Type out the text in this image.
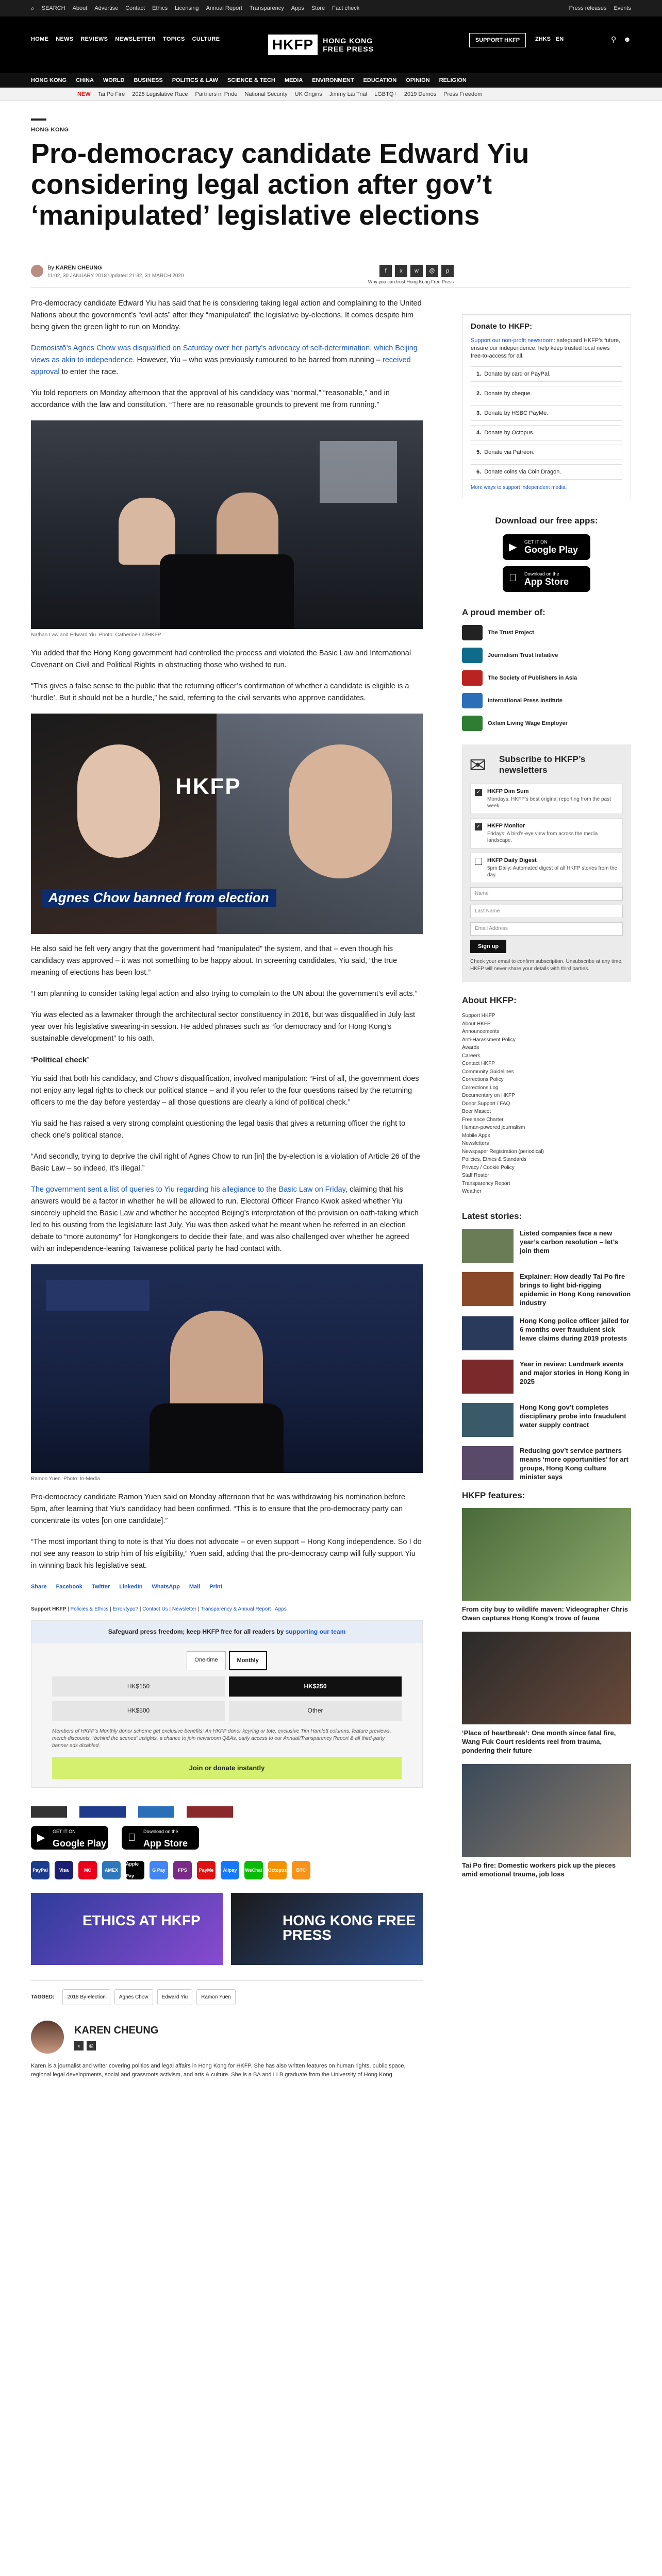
⌕ SEARCH About Advertise Contact Ethics Licensing Annual Report Transparency Apps Store Fact check	Press releases Events
HOME NEWS REVIEWS NEWSLETTER TOPICS CULTURE	HKFP	HONG KONG FREE PRESS
SUPPORT HKFP	ZHKS EN	⚲ ☻
HONG KONG CHINA WORLD BUSINESS POLITICS & LAW SCIENCE & TECH MEDIA ENVIRONMENT EDUCATION OPINION RELIGION
NEW Tai Po Fire 2025 Legislative Race Partners in Pride National Security UK Origins Jimmy Lai Trial LGBTQ+ 2019 Demos Press Freedom
HONG KONG
Pro-democracy candidate Edward Yiu considering legal action after gov’t ‘manipulated’ legislative elections
By KAREN CHEUNG
11:02, 30 JANUARY 2018 Updated 21:32, 31 MARCH 2020
f	x	w	@	p
Why you can trust Hong Kong Free Press

Pro-democracy candidate Edward Yiu has said that he is considering taking legal action and complaining to the United Nations about the government’s “evil acts” after they “manipulated” the legislative by-elections. It comes despite him being given the green light to run on Monday.

Demosistō’s Agnes Chow was disqualified on Saturday over her party’s advocacy of self-determination, which Beijing views as akin to independence. However, Yiu – who was previously rumoured to be barred from running – received approval to enter the race.

Yiu told reporters on Monday afternoon that the approval of his candidacy was “normal,” “reasonable,” and in accordance with the law and constitution. “There are no reasonable grounds to prevent me from running.”

Nathan Law and Edward Yiu. Photo: Catherine Lai/HKFP.

Yiu added that the Hong Kong government had controlled the process and violated the Basic Law and International Covenant on Civil and Political Rights in obstructing those who wished to run.

“This gives a false sense to the public that the returning officer’s confirmation of whether a candidate is eligible is a ‘hurdle’. But it should not be a hurdle,” he said, referring to the civil servants who approve candidates.

HKFP
Agnes Chow banned from election

He also said he felt very angry that the government had “manipulated” the system, and that – even though his candidacy was approved – it was not something to be happy about. In screening candidates, Yiu said, “the true meaning of elections has been lost.”

“I am planning to consider taking legal action and also trying to complain to the UN about the government’s evil acts.”

Yiu was elected as a lawmaker through the architectural sector constituency in 2016, but was disqualified in July last year over his legislative swearing-in session. He added phrases such as “for democracy and for Hong Kong’s sustainable development” to his oath.

‘Political check’

Yiu said that both his candidacy, and Chow’s disqualification, involved manipulation: “First of all, the government does not enjoy any legal rights to check our political stance – and if you refer to the four questions raised by the returning officers to me the day before yesterday – all those questions are clearly a kind of political check.”

Yiu said he has raised a very strong complaint questioning the legal basis that gives a returning officer the right to check one’s political stance.

“And secondly, trying to deprive the civil right of Agnes Chow to run [in] the by-election is a violation of Article 26 of the Basic Law – so indeed, it’s illegal.”

The government sent a list of queries to Yiu regarding his allegiance to the Basic Law on Friday, claiming that his answers would be a factor in whether he will be allowed to run. Electoral Officer Franco Kwok asked whether Yiu sincerely upheld the Basic Law and whether he accepted Beijing’s interpretation of the provision on oath-taking which led to his ousting from the legislature last July. Yiu was then asked what he meant when he referred in an election debate to “more autonomy” for Hongkongers to decide their fate, and was also challenged over whether he agreed with an independence-leaning Taiwanese political party he had contact with.

Ramon Yuen. Photo: In-Media.

Pro-democracy candidate Ramon Yuen said on Monday afternoon that he was withdrawing his nomination before 5pm, after learning that Yiu’s candidacy had been confirmed. “This is to ensure that the pro-democracy party can concentrate its votes [on one candidate].”

“The most important thing to note is that Yiu does not advocate – or even support – Hong Kong independence. So I do not see any reason to strip him of his eligibility,” Yuen said, adding that the pro-democracy camp will fully support Yiu in winning back his legislative seat.

Share Facebook Twitter LinkedIn WhatsApp Mail Print
Support HKFP | Policies & Ethics | Error/typo? | Contact Us | Newsletter | Transparency & Annual Report | Apps
Safeguard press freedom; keep HKFP free for all readers by supporting our team
One-time	Monthly
HK$150	HK$250
HK$500	Other
Members of HKFP’s Monthly donor scheme get exclusive benefits: An HKFP donor keyring or tote, exclusive Tim Hamlett columns, feature previews, merch discounts, “behind the scenes” insights, a chance to join newsroom Q&As, early access to our Annual/Transparency Report & all third-party banner ads disabled.
Join or donate instantly
▶
GET IT ON
Google Play
Download on the
App Store
PayPal	Visa	MC	AMEX
Apple Pay
G Pay	FPS	PayMe	Alipay	WeChat Octopus	BTC
ETHICS AT HKFP	HONG KONG FREE PRESS
TAGGED:	2018 By-election	Agnes Chow	Edward Yiu	Ramon Yuen
KAREN CHEUNG
x	@
Karen is a journalist and writer covering politics and legal affairs in Hong Kong for HKFP. She has also written features on human rights, public space, regional legal developments, social and grassroots activism, and arts & culture. She is a BA and LLB graduate from the University of Hong Kong.
Donate to HKFP:

Support our non-profit newsroom: safeguard HKFP’s future, ensure our independence, help keep trusted local news free-to-access for all.

1. Donate by card or PayPal.
2. Donate by cheque.
3. Donate by HSBC PayMe.
4. Donate by Octopus.
5. Donate via Patreon.
6. Donate coins via Coin Dragon.
More ways to support independent media.
Download our free apps:
▶ GET IT ON
Google Play
Download on the
App Store
A proud member of:
The Trust Project
Journalism Trust Initiative
The Society of Publishers in Asia
International Press Institute
Oxfam Living Wage Employer
✉ Subscribe to HKFP’s newsletters
✓ HKFP Dim Sum
Mondays: HKFP’s best original reporting from the past week.
✓ HKFP Monitor
Fridays: A bird’s-eye view from across the media landscape.
HKFP Daily Digest
5pm Daily: Automated digest of all HKFP stories from the day.
Name
Last Name
Email Address
Sign up
Check your email to confirm subscription. Unsubscribe at any time. HKFP will never share your details with third parties.
About HKFP:
Support HKFP
About HKFP
Announcements
Anti-Harassment Policy
Awards
Careers
Contact HKFP
Community Guidelines
Corrections Policy
Corrections Log
Documentary on HKFP
Donor Support / FAQ
Beer Mascot
Freelance Charter
Human-powered journalism
Mobile Apps
Newsletters
Newspaper Registration (periodical)
Policies, Ethics & Standards
Privacy / Cookie Policy
Staff Roster
Transparency Report
Weather
Latest stories:
Listed companies face a new year’s carbon resolution – let’s join them
Explainer: How deadly Tai Po fire brings to light bid-rigging epidemic in Hong Kong renovation industry
Hong Kong police officer jailed for 6 months over fraudulent sick leave claims during 2019 protests
Year in review: Landmark events and major stories in Hong Kong in 2025
Hong Kong gov’t completes disciplinary probe into fraudulent water supply contract
Reducing gov’t service partners means ‘more opportunities’ for art groups, Hong Kong culture minister says
HKFP features:
From city buy to wildlife maven: Videographer Chris Owen captures Hong Kong’s trove of fauna
‘Place of heartbreak’: One month since fatal fire, Wang Fuk Court residents reel from trauma, pondering their future
Tai Po fire: Domestic workers pick up the pieces amid emotional trauma, job loss
